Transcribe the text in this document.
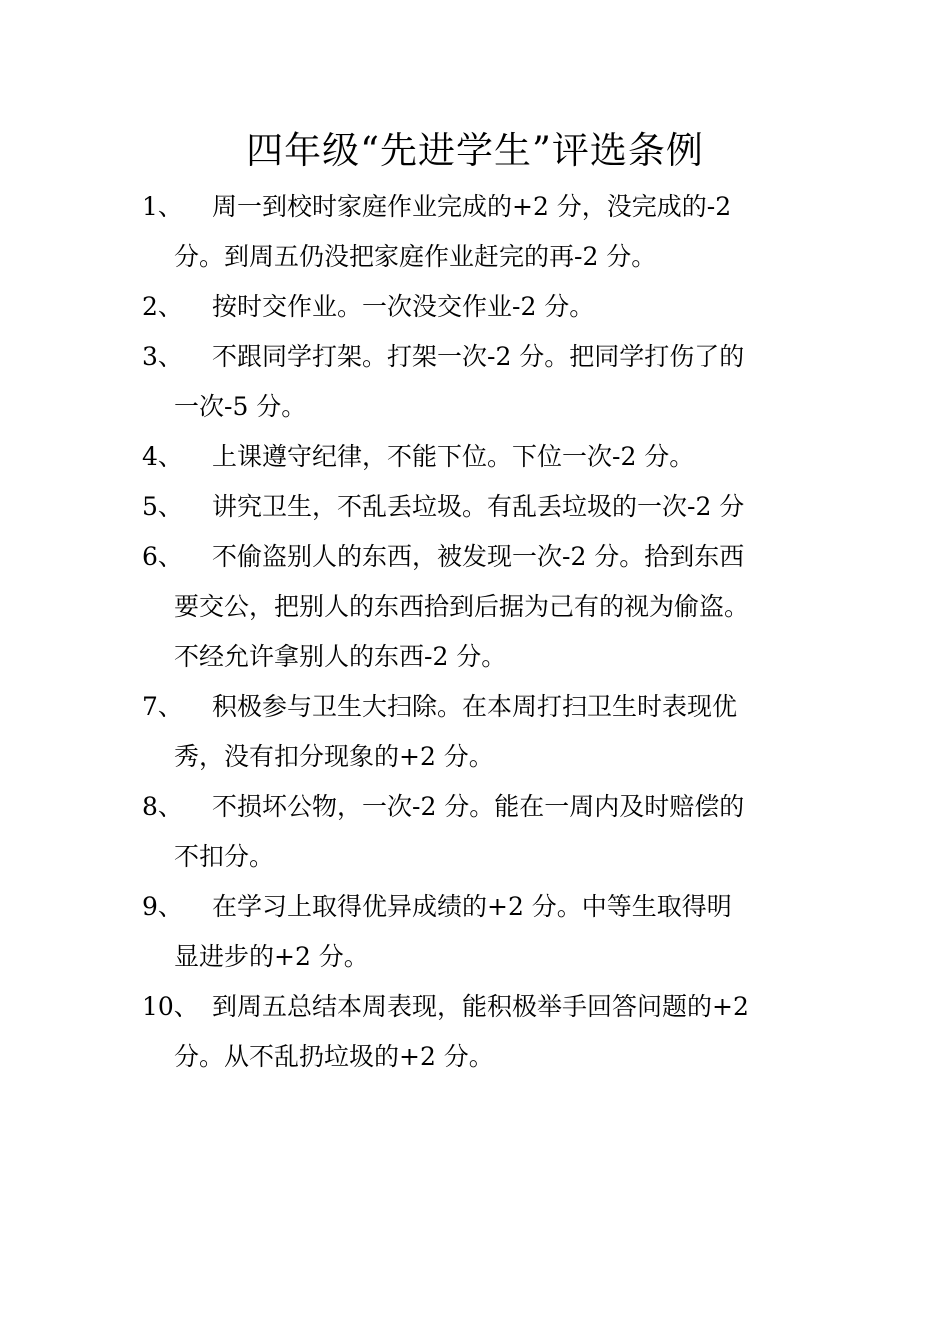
四年级“先进学生”评选条例
1、 周一到校时家庭作业完成的+2 分，没完成的-2
分。到周五仍没把家庭作业赶完的再-2 分。
2、 按时交作业。一次没交作业-2 分。
3、 不跟同学打架。打架一次-2 分。把同学打伤了的
一次-5 分。
4、 上课遵守纪律，不能下位。下位一次-2 分。
5、 讲究卫生，不乱丢垃圾。有乱丢垃圾的一次-2 分
6、 不偷盗别人的东西，被发现一次-2 分。拾到东西
要交公，把别人的东西拾到后据为己有的视为偷盗。
不经允许拿别人的东西-2 分。
7、 积极参与卫生大扫除。在本周打扫卫生时表现优
秀，没有扣分现象的+2 分。
8、 不损坏公物，一次-2 分。能在一周内及时赔偿的
不扣分。
9、 在学习上取得优异成绩的+2 分。中等生取得明
显进步的+2 分。
10、 到周五总结本周表现，能积极举手回答问题的+2
分。从不乱扔垃圾的+2 分。
